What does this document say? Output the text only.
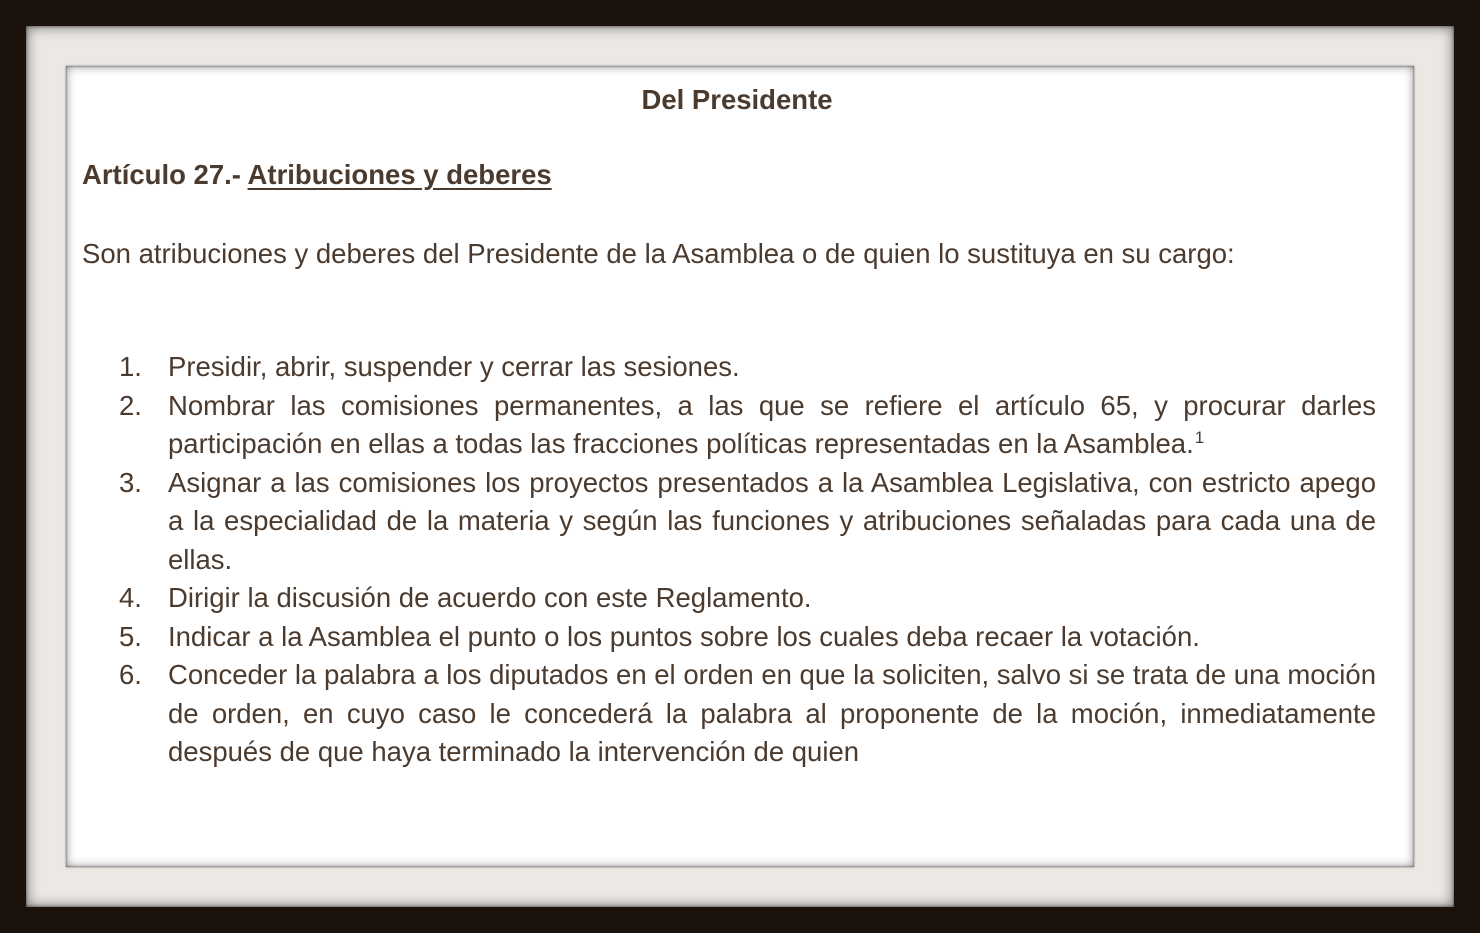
Del Presidente

Artículo 27.- Atribuciones y deberes

Son atribuciones y deberes del Presidente de la Asamblea o de quien lo sustituya en su cargo:

1. Presidir, abrir, suspender y cerrar las sesiones.
2. Nombrar las comisiones permanentes, a las que se refiere el artículo 65, y procurar darles participación en ellas a todas las fracciones políticas representadas en la Asamblea.$^1$
3. Asignar a las comisiones los proyectos presentados a la Asamblea Legislativa, con estricto apego a la especialidad de la materia y según las funciones y atribuciones señaladas para cada una de ellas.
4. Dirigir la discusión de acuerdo con este Reglamento.
5. Indicar a la Asamblea el punto o los puntos sobre los cuales deba recaer la votación.
6. Conceder la palabra a los diputados en el orden en que la soliciten, salvo si se trata de una moción de orden, en cuyo caso le concederá la palabra al proponente de la moción, inmediatamente después de que haya terminado la intervención de quien
